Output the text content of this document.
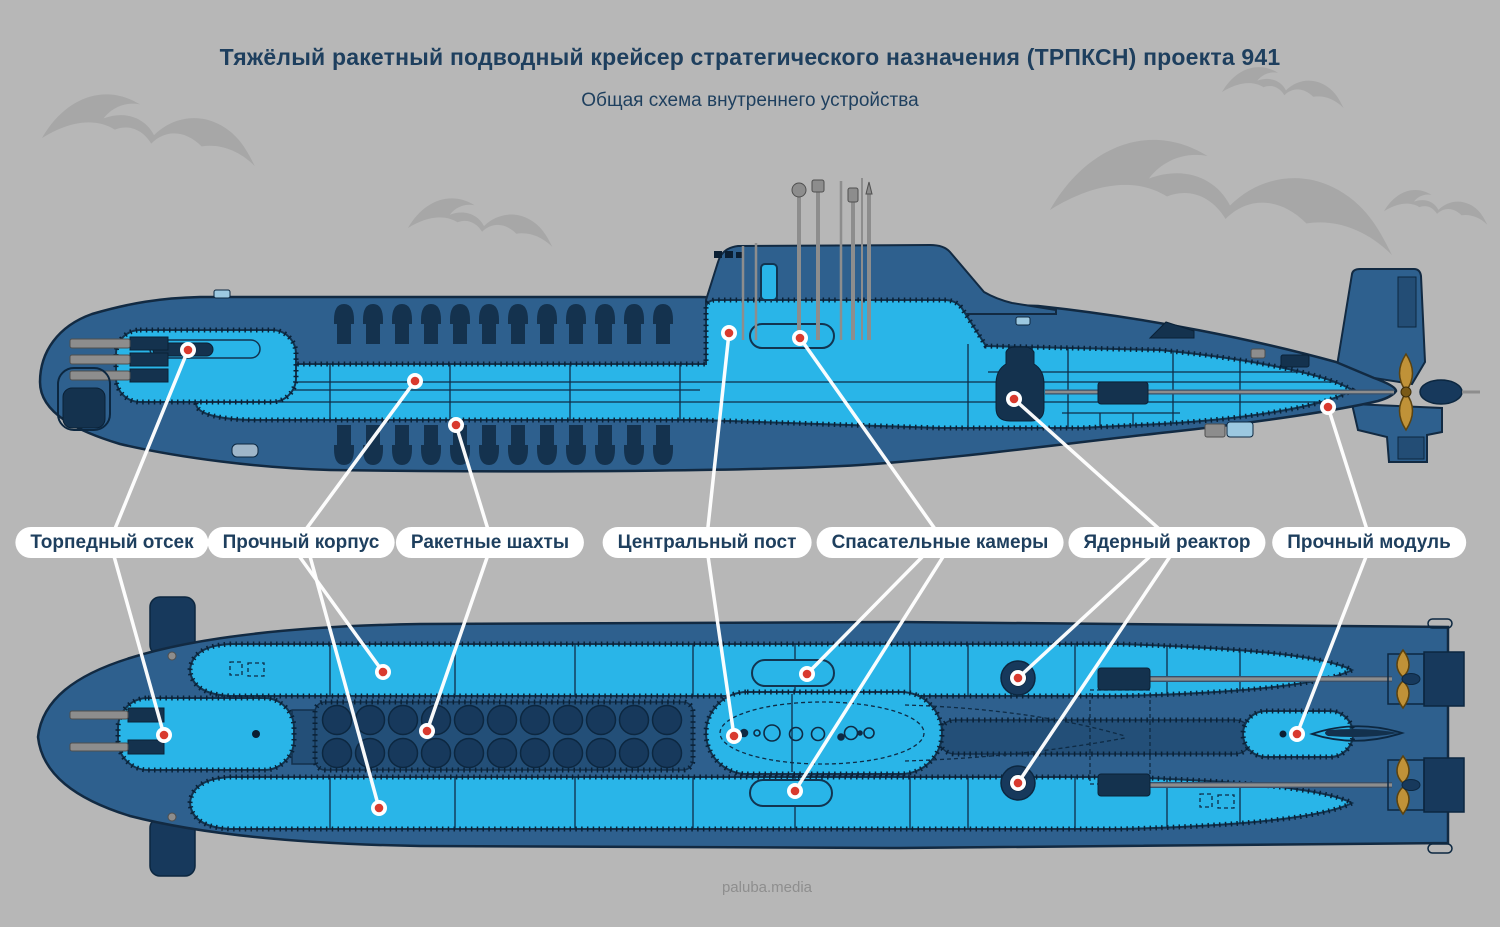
Тяжёлый ракетный подводный крейсер стратегического назначения (ТРПКСН) проекта 941
Общая схема внутреннего устройства
Торпедный отсек	Прочный корпус	Ракетные шахты	Центральный пост	Спасательные камеры	Ядерный реактор	Прочный модуль
paluba.media
